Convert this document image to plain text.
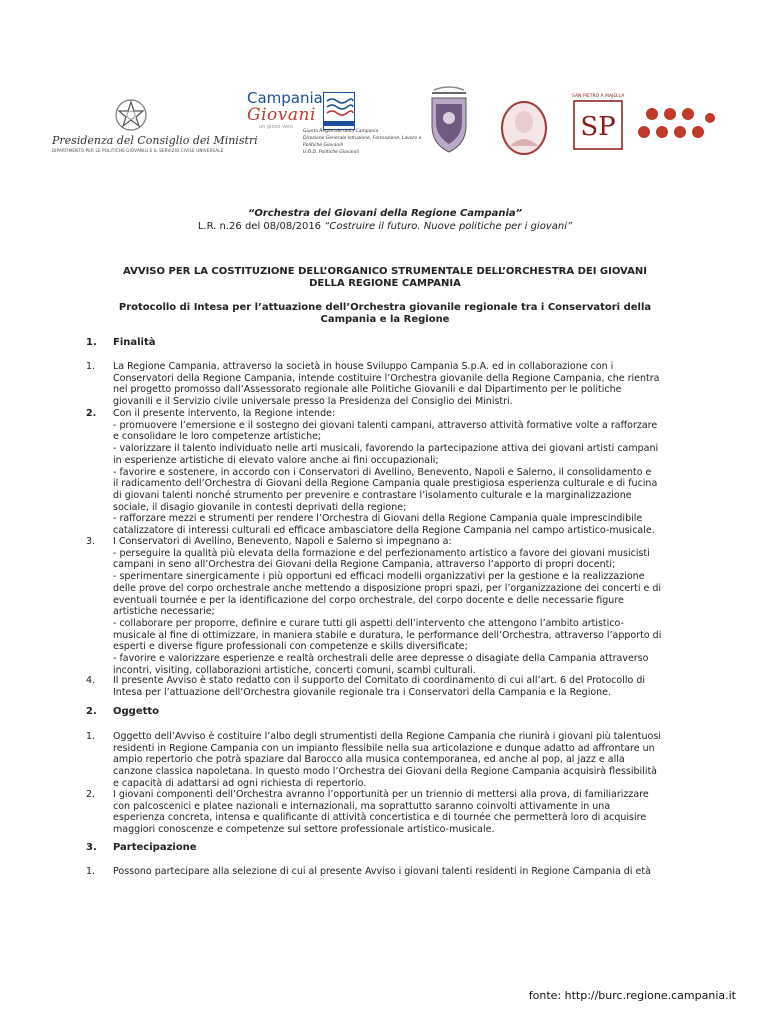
Presidenza del Consiglio dei Ministri
DIPARTIMENTO PER LE POLITICHE GIOVANILI E IL SERVIZIO CIVILE UNIVERSALE
Campania
Giovani
un gioco vero
Giunta Regionale della Campania
Direzione Generale Istruzione, Formazione, Lavoro e
Politiche Giovanili
U.O.D. Politiche Giovanili
SAN PIETRO A MAJELLA
SP
“Orchestra dei Giovani della Regione Campania”
L.R. n.26 del 08/08/2016 “Costruire il futuro. Nuove politiche per i giovani”
AVVISO PER LA COSTITUZIONE DELL’ORGANICO STRUMENTALE DELL’ORCHESTRA DEI GIOVANI
DELLA REGIONE CAMPANIA
Protocollo di Intesa per l’attuazione dell’Orchestra giovanile regionale tra i Conservatori della
Campania e la Regione
1. Finalità
1. La Regione Campania, attraverso la società in house Sviluppo Campania S.p.A. ed in collaborazione con i
Conservatori della Regione Campania, intende costituire l’Orchestra giovanile della Regione Campania, che rientra
nel progetto promosso dall’Assessorato regionale alle Politiche Giovanili e dal Dipartimento per le politiche
giovanili e il Servizio civile universale presso la Presidenza del Consiglio dei Ministri.
2. Con il presente intervento, la Regione intende:
- promuovere l’emersione e il sostegno dei giovani talenti campani, attraverso attività formative volte a rafforzare
e consolidare le loro competenze artistiche;
- valorizzare il talento individuato nelle arti musicali, favorendo la partecipazione attiva dei giovani artisti campani
in esperienze artistiche di elevato valore anche ai fini occupazionali;
- favorire e sostenere, in accordo con i Conservatori di Avellino, Benevento, Napoli e Salerno, il consolidamento e
il radicamento dell’Orchestra di Giovani della Regione Campania quale prestigiosa esperienza culturale e di fucina
di giovani talenti nonché strumento per prevenire e contrastare l’isolamento culturale e la marginalizzazione
sociale, il disagio giovanile in contesti deprivati della regione;
- rafforzare mezzi e strumenti per rendere l’Orchestra di Giovani della Regione Campania quale imprescindibile
catalizzatore di interessi culturali ed efficace ambasciatore della Regione Campania nel campo artistico-musicale.
3. I Conservatori di Avellino, Benevento, Napoli e Salerno si impegnano a:
- perseguire la qualità più elevata della formazione e del perfezionamento artistico a favore dei giovani musicisti
campani in seno all’Orchestra dei Giovani della Regione Campania, attraverso l’apporto di propri docenti;
- sperimentare sinergicamente i più opportuni ed efficaci modelli organizzativi per la gestione e la realizzazione
delle prove del corpo orchestrale anche mettendo a disposizione propri spazi, per l’organizzazione dei concerti e di
eventuali tournée e per la identificazione del corpo orchestrale, del corpo docente e delle necessarie figure
artistiche necessarie;
- collaborare per proporre, definire e curare tutti gli aspetti dell’intervento che attengono l’ambito artistico-
musicale al fine di ottimizzare, in maniera stabile e duratura, le performance dell’Orchestra, attraverso l’apporto di
esperti e diverse figure professionali con competenze e skills diversificate;
- favorire e valorizzare esperienze e realtà orchestrali delle aree depresse o disagiate della Campania attraverso
incontri, visiting, collaborazioni artistiche, concerti comuni, scambi culturali.
4. Il presente Avviso è stato redatto con il supporto del Comitato di coordinamento di cui all’art. 6 del Protocollo di
Intesa per l’attuazione dell’Orchestra giovanile regionale tra i Conservatori della Campania e la Regione.
2. Oggetto
1. Oggetto dell’Avviso è costituire l’albo degli strumentisti della Regione Campania che riunirà i giovani più talentuosi
residenti in Regione Campania con un impianto flessibile nella sua articolazione e dunque adatto ad affrontare un
ampio repertorio che potrà spaziare dal Barocco alla musica contemporanea, ed anche al pop, al jazz e alla
canzone classica napoletana. In questo modo l’Orchestra dei Giovani della Regione Campania acquisirà flessibilità
e capacità di adattarsi ad ogni richiesta di repertorio.
2. I giovani componenti dell’Orchestra avranno l’opportunità per un triennio di mettersi alla prova, di familiarizzare
con palcoscenici e platee nazionali e internazionali, ma soprattutto saranno coinvolti attivamente in una
esperienza concreta, intensa e qualificante di attività concertistica e di tournée che permetterà loro di acquisire
maggiori conoscenze e competenze sul settore professionale artistico-musicale.
3. Partecipazione
1. Possono partecipare alla selezione di cui al presente Avviso i giovani talenti residenti in Regione Campania di età
fonte: http://burc.regione.campania.it
